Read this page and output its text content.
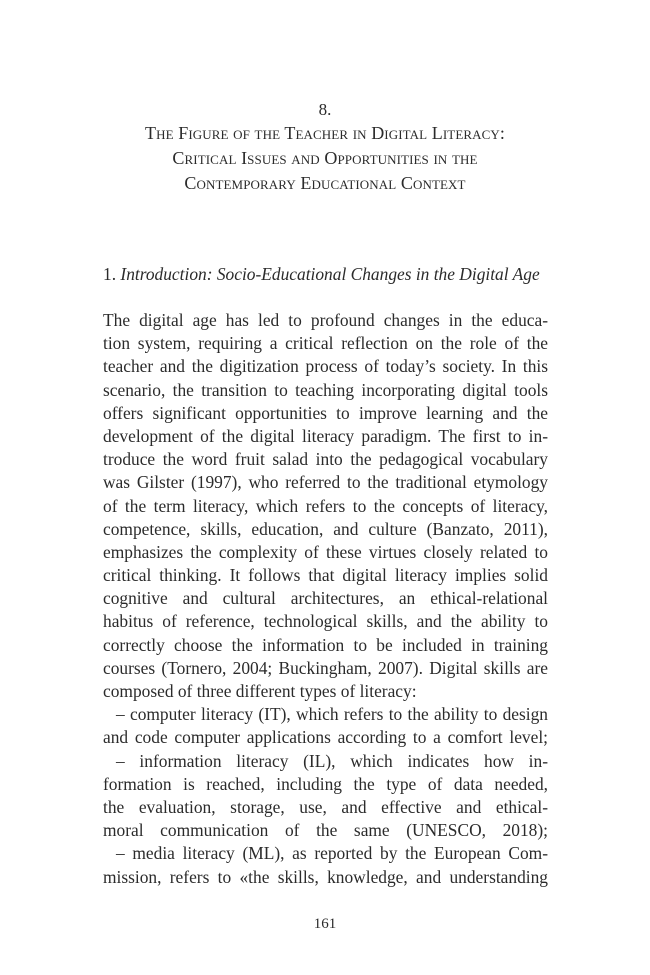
8.
The Figure of the Teacher in Digital Literacy:
Critical Issues and Opportunities in the
Contemporary Educational Context
1. Introduction: Socio-Educational Changes in the Digital Age
The digital age has led to profound changes in the educa-
tion system, requiring a critical reflection on the role of the
teacher and the digitization process of today’s society. In this
scenario, the transition to teaching incorporating digital tools
offers significant opportunities to improve learning and the
development of the digital literacy paradigm. The first to in-
troduce the word fruit salad into the pedagogical vocabulary
was Gilster (1997), who referred to the traditional etymology
of the term literacy, which refers to the concepts of literacy,
competence, skills, education, and culture (Banzato, 2011),
emphasizes the complexity of these virtues closely related to
critical thinking. It follows that digital literacy implies solid
cognitive and cultural architectures, an ethical-relational
habitus of reference, technological skills, and the ability to
correctly choose the information to be included in training
courses (Tornero, 2004; Buckingham, 2007). Digital skills are
composed of three different types of literacy:
– computer literacy (IT), which refers to the ability to design
and code computer applications according to a comfort level;
– information literacy (IL), which indicates how in-
formation is reached, including the type of data needed,
the evaluation, storage, use, and effective and ethical-
moral communication of the same (UNESCO, 2018);
– media literacy (ML), as reported by the European Com-
mission, refers to «the skills, knowledge, and understanding
161
